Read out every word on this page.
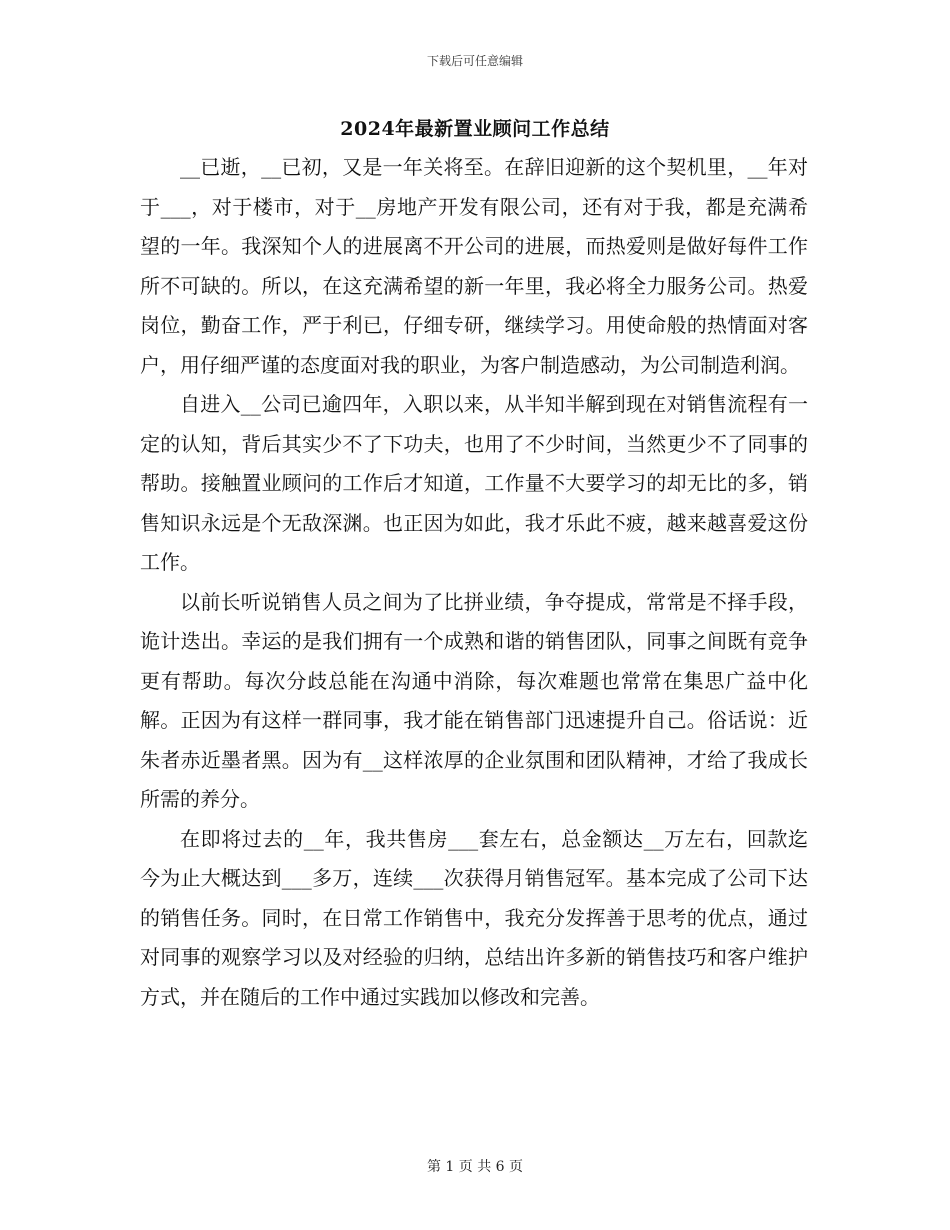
下载后可任意编辑
2024年最新置业顾问工作总结

__已逝，__已初，又是一年关将至。在辞旧迎新的这个契机里，__年对于___，对于楼市，对于__房地产开发有限公司，还有对于我，都是充满希望的一年。我深知个人的进展离不开公司的进展，而热爱则是做好每件工作所不可缺的。所以，在这充满希望的新一年里，我必将全力服务公司。热爱岗位，勤奋工作，严于利已，仔细专研，继续学习。用使命般的热情面对客户，用仔细严谨的态度面对我的职业，为客户制造感动，为公司制造利润。

自进入__公司已逾四年，入职以来，从半知半解到现在对销售流程有一定的认知，背后其实少不了下功夫，也用了不少时间，当然更少不了同事的帮助。接触置业顾问的工作后才知道，工作量不大要学习的却无比的多，销售知识永远是个无敌深渊。也正因为如此，我才乐此不疲，越来越喜爱这份工作。

以前长听说销售人员之间为了比拼业绩，争夺提成，常常是不择手段，诡计迭出。幸运的是我们拥有一个成熟和谐的销售团队，同事之间既有竞争更有帮助。每次分歧总能在沟通中消除，每次难题也常常在集思广益中化解。正因为有这样一群同事，我才能在销售部门迅速提升自己。俗话说：近朱者赤近墨者黑。因为有__这样浓厚的企业氛围和团队精神，才给了我成长所需的养分。

在即将过去的__年，我共售房___套左右，总金额达__万左右，回款迄今为止大概达到___多万，连续___次获得月销售冠军。基本完成了公司下达的销售任务。同时，在日常工作销售中，我充分发挥善于思考的优点，通过对同事的观察学习以及对经验的归纳，总结出许多新的销售技巧和客户维护方式，并在随后的工作中通过实践加以修改和完善。

第 1 页 共 6 页
